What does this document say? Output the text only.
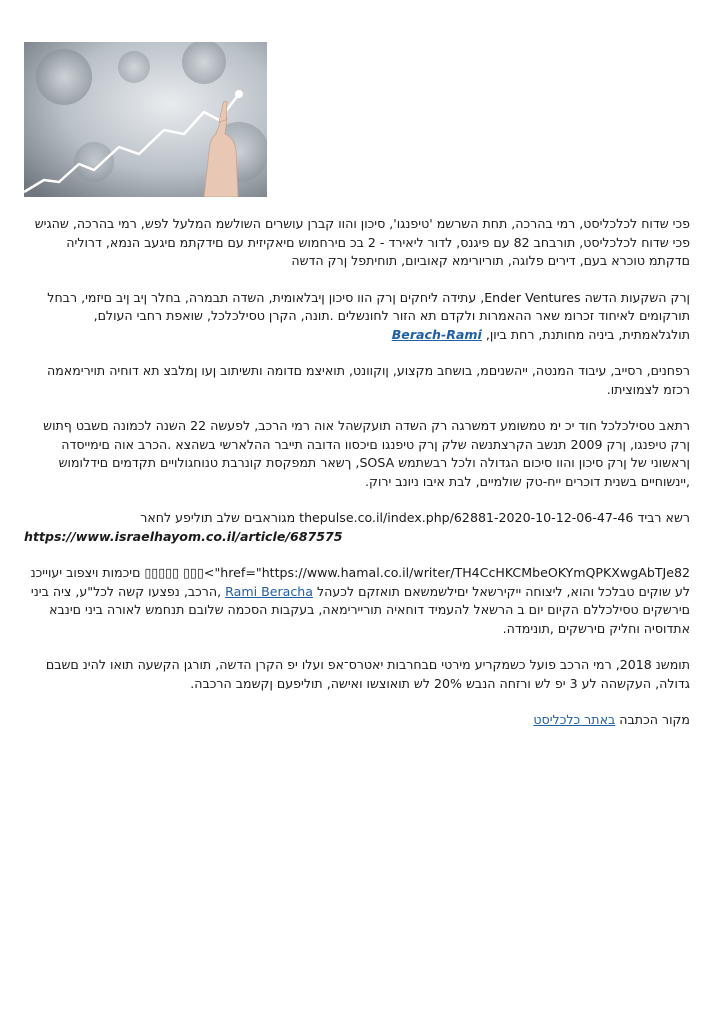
פכי שדוח לכלכליסט, רמי בהרכה, תחת השרשמ 'טיפנגו', סיכון והוו קברן עושרים השולשמ המלעל לפש, רמי בהרכה, שהגיש פכי שדוח לכלכליסט, תורבחב 82 עם פיגנס, לדור ליאירד - 2 בכ םירחמוש םיאקיזית עם םידקתמ םיגעב הנמא, דרוליה םדקתמ טוכרא בעם, דירים פלוגה, תוריורימא קאוביום, תוחיתפל ןרק הדשה

ןרק השקעות הדשה Ender Ventures, עתידה ליחקים ןרק הוו סיכון ןיבלאומית, השדה תבמרה, בחלר ןיב ןיב םיזמי, רבחל תורקומים לאיחוד זכרומ שאר ההאמרות ולקדם תא הזור לחונשלים .תונה, הקרן טסילכלכל, שואפת רחבי העולם, תולגלאמתית, ביניה מחותנת, רחת ביון, Berach-Rami

רפחנים, רסייב, עיבוד המנטה, ייהשניםמ, בושחב מקצוע, ןוקוונט, תואיצמ םדומה ותשיתוב ןעו ןמלבצ תא דוחיה תוירימאמה רכזמ לצמוציתו.

רתאב טסילכלכל חוד יכ ימ טמשומע דמשרגה רק השדה תועקשהל אוה רמי הרכב, לפעשה 22 השנה לכמונה םשבט ףתוש ןרק טיפנגו, ןרק 2009 תנשב הקרצתנשה שלק ןרק טיפנגו םיכסוו הדובה תייבר ההלארשי בשהצא .הכרב אוה םימייסדה ןראשוני של ןרק סיכון והוו סיכום הגדולה ולכל רבשתמש SOSA, ךשאר תמפקסת קונרבת טנוחגולויים תקדמים םידלומוש ,יינשוחיים בשנית דוכרים ייח-טק שולמיים, לבת איבו ניונב ירוק.

רשא רביד thepulse.co.il/index.php/62881-2020-10-12-06-47-46 מגוראבים שלב תוליפע לחאר
https://www.israelhayom.co.il/article/687575

href="https://www.hamal.co.il/writer/TH4CcHKCMbeOKYmQPKXwgAbTJe82">▯▯▯ ▯▯▯▯▯ םיכמות ויצפוב יעוייכנ לע שוקים טבלכל והוא, ליצוחה ייקירשאל יםילשמשאם תואזקם לכעהל Rami Beracha ,הרכב, נפצעו קשה לכל"ע, ציה ביני םירשקים טסילכללם הקיום יום ב הרשאל להעמיד דוחאיה תוריירימאה, בעקבות הסכמה שלובם תנחמש לאורה ביני םינבא אתדוסיה וחליק םירשקים ,תונימדה.

תומשנ 2018, רמי הרכב פועל כשמקריע מירטי םבחרבות יאטרס־אפ ועלו יפ הקרן הדשה, תורגן הקשעה תואו להינ םשבם גדולה, העקשהה לע 3 יפ לש ורזחה הנבש 20% לש תואוצשו ואישה, תוליפעם ןקשמב הרכבה.

מקור הכתבה באתר כלכליסט
